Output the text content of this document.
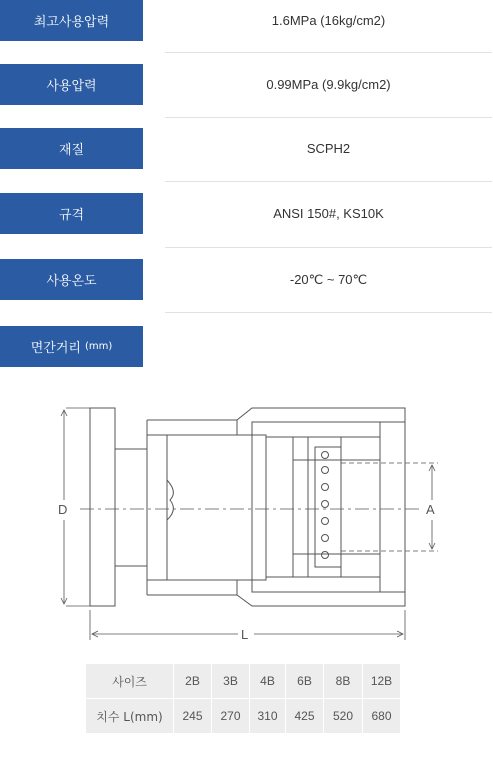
최고사용압력	1.6MPa (16kg/cm2)
사용압력	0.99MPa (9.9kg/cm2)
재질	SCPH2
규격	ANSI 150#, KS10K
사용온도	-20℃ ~ 70℃
면간거리 (mm)
D	A
L
사이즈	2B	3B	4B	6B	8B	12B
치수 L(mm)	245	270	310	425	520	680
